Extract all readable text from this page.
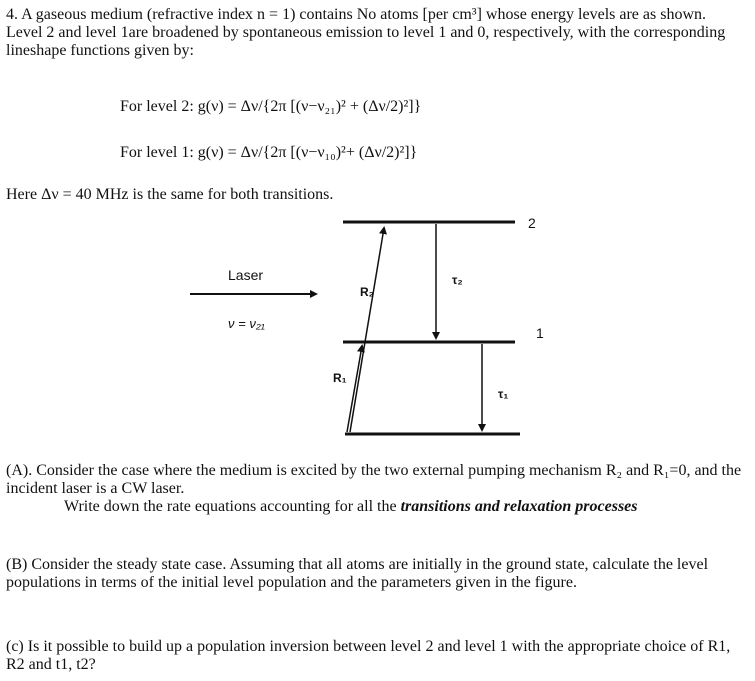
4. A gaseous medium (refractive index n = 1) contains No atoms [per cm³] whose energy levels are as shown. Level 2 and level 1are broadened by spontaneous emission to level 1 and 0, respectively, with the corresponding lineshape functions given by:
For level 2: g(ν) = Δν/{2π [(ν−ν₂₁)² + (Δν/2)²]}
For level 1: g(ν) = Δν/{2π [(ν−ν₁₀)²+ (Δν/2)²]}
Here Δν = 40 MHz is the same for both transitions.
2
1
Laser
ν = ν₂₁
R₂
R₁
τ₂
τ₁
(A). Consider the case where the medium is excited by the two external pumping mechanism R₂ and R₁=0, and the incident laser is a CW laser.
Write down the rate equations accounting for all the transitions and relaxation processes
(B) Consider the steady state case. Assuming that all atoms are initially in the ground state, calculate the level populations in terms of the initial level population and the parameters given in the figure.
(c) Is it possible to build up a population inversion between level 2 and level 1 with the appropriate choice of R1, R2 and t1, t2?
